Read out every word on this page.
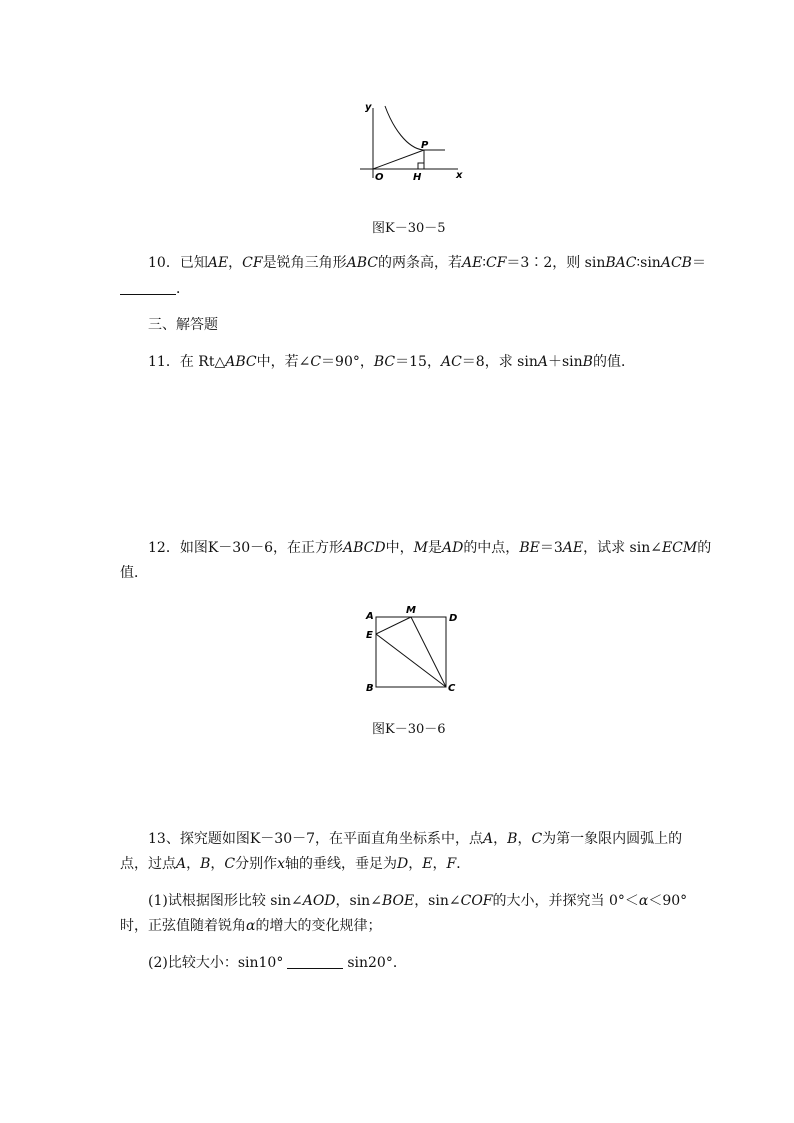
y
x
O	H
P
图K－30－5
10．已知AE，CF是锐角三角形ABC的两条高，若AE∶CF＝3∶2，则 sinBAC∶sinACB＝
．
三、解答题
11．在 Rt△ABC中，若∠C＝90°，BC＝15，AC＝8，求 sinA＋sinB的值．
12．如图K－30－6，在正方形ABCD中，M是AD的中点，BE＝3AE，试求 sin∠ECM的
值．
A
M
D
E
B	C
图K－30－6
13、探究题如图K－30－7，在平面直角坐标系中，点A，B，C为第一象限内圆弧上的
点，过点A，B，C分别作x轴的垂线，垂足为D，E，F．
(1)试根据图形比较 sin∠AOD，sin∠BOE，sin∠COF的大小，并探究当 0°＜α＜90°
时，正弦值随着锐角α的增大的变化规律；
(2)比较大小：sin10°	sin20°．
